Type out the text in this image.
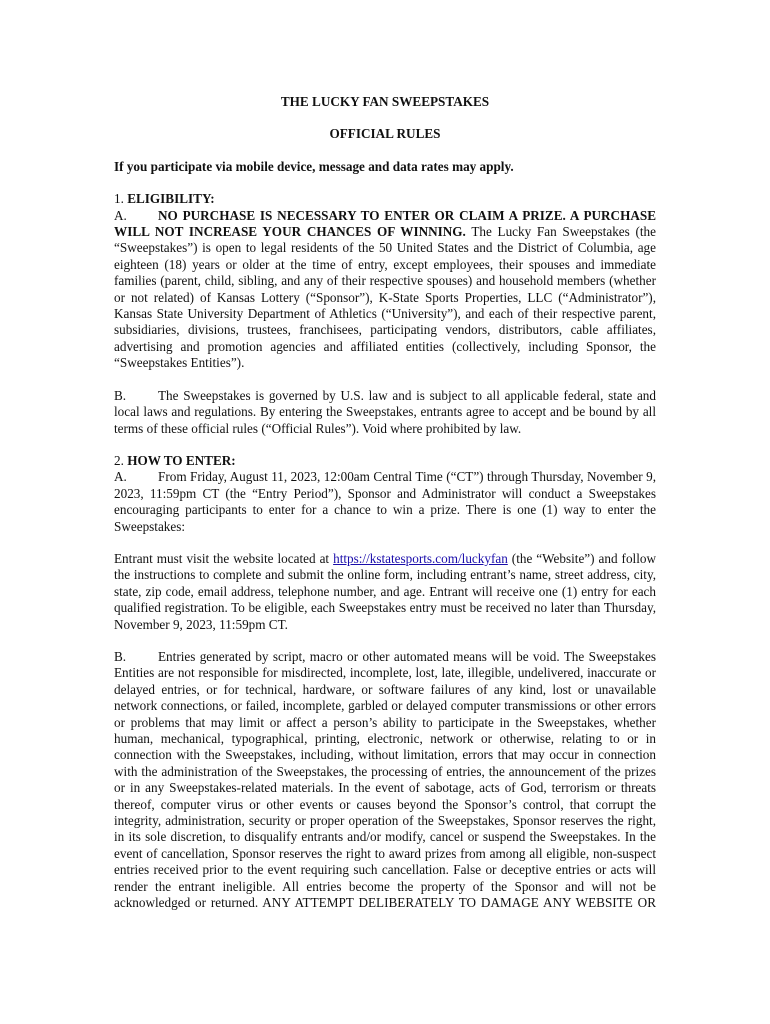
THE LUCKY FAN SWEEPSTAKES

OFFICIAL RULES

If you participate via mobile device, message and data rates may apply.

1. ELIGIBILITY:

A. NO PURCHASE IS NECESSARY TO ENTER OR CLAIM A PRIZE. A PURCHASE WILL NOT INCREASE YOUR CHANCES OF WINNING. The Lucky Fan Sweepstakes (the “Sweepstakes”) is open to legal residents of the 50 United States and the District of Columbia, age eighteen (18) years or older at the time of entry, except employees, their spouses and immediate families (parent, child, sibling, and any of their respective spouses) and household members (whether or not related) of Kansas Lottery (“Sponsor”), K-State Sports Properties, LLC (“Administrator”), Kansas State University Department of Athletics (“University”), and each of their respective parent, subsidiaries, divisions, trustees, franchisees, participating vendors, distributors, cable affiliates, advertising and promotion agencies and affiliated entities (collectively, including Sponsor, the “Sweepstakes Entities”).

B. The Sweepstakes is governed by U.S. law and is subject to all applicable federal, state and local laws and regulations. By entering the Sweepstakes, entrants agree to accept and be bound by all terms of these official rules (“Official Rules”). Void where prohibited by law.

2. HOW TO ENTER:

A. From Friday, August 11, 2023, 12:00am Central Time (“CT”) through Thursday, November 9, 2023, 11:59pm CT (the “Entry Period”), Sponsor and Administrator will conduct a Sweepstakes encouraging participants to enter for a chance to win a prize. There is one (1) way to enter the Sweepstakes:

Entrant must visit the website located at https://kstatesports.com/luckyfan (the “Website”) and follow the instructions to complete and submit the online form, including entrant’s name, street address, city, state, zip code, email address, telephone number, and age. Entrant will receive one (1) entry for each qualified registration. To be eligible, each Sweepstakes entry must be received no later than Thursday, November 9, 2023, 11:59pm CT.

B. Entries generated by script, macro or other automated means will be void. The Sweepstakes Entities are not responsible for misdirected, incomplete, lost, late, illegible, undelivered, inaccurate or delayed entries, or for technical, hardware, or software failures of any kind, lost or unavailable network connections, or failed, incomplete, garbled or delayed computer transmissions or other errors or problems that may limit or affect a person’s ability to participate in the Sweepstakes, whether human, mechanical, typographical, printing, electronic, network or otherwise, relating to or in connection with the Sweepstakes, including, without limitation, errors that may occur in connection with the administration of the Sweepstakes, the processing of entries, the announcement of the prizes or in any Sweepstakes-related materials. In the event of sabotage, acts of God, terrorism or threats thereof, computer virus or other events or causes beyond the Sponsor’s control, that corrupt the integrity, administration, security or proper operation of the Sweepstakes, Sponsor reserves the right, in its sole discretion, to disqualify entrants and/or modify, cancel or suspend the Sweepstakes. In the event of cancellation, Sponsor reserves the right to award prizes from among all eligible, non-suspect entries received prior to the event requiring such cancellation. False or deceptive entries or acts will render the entrant ineligible. All entries become the property of the Sponsor and will not be acknowledged or returned. ANY ATTEMPT DELIBERATELY TO DAMAGE ANY WEBSITE OR
